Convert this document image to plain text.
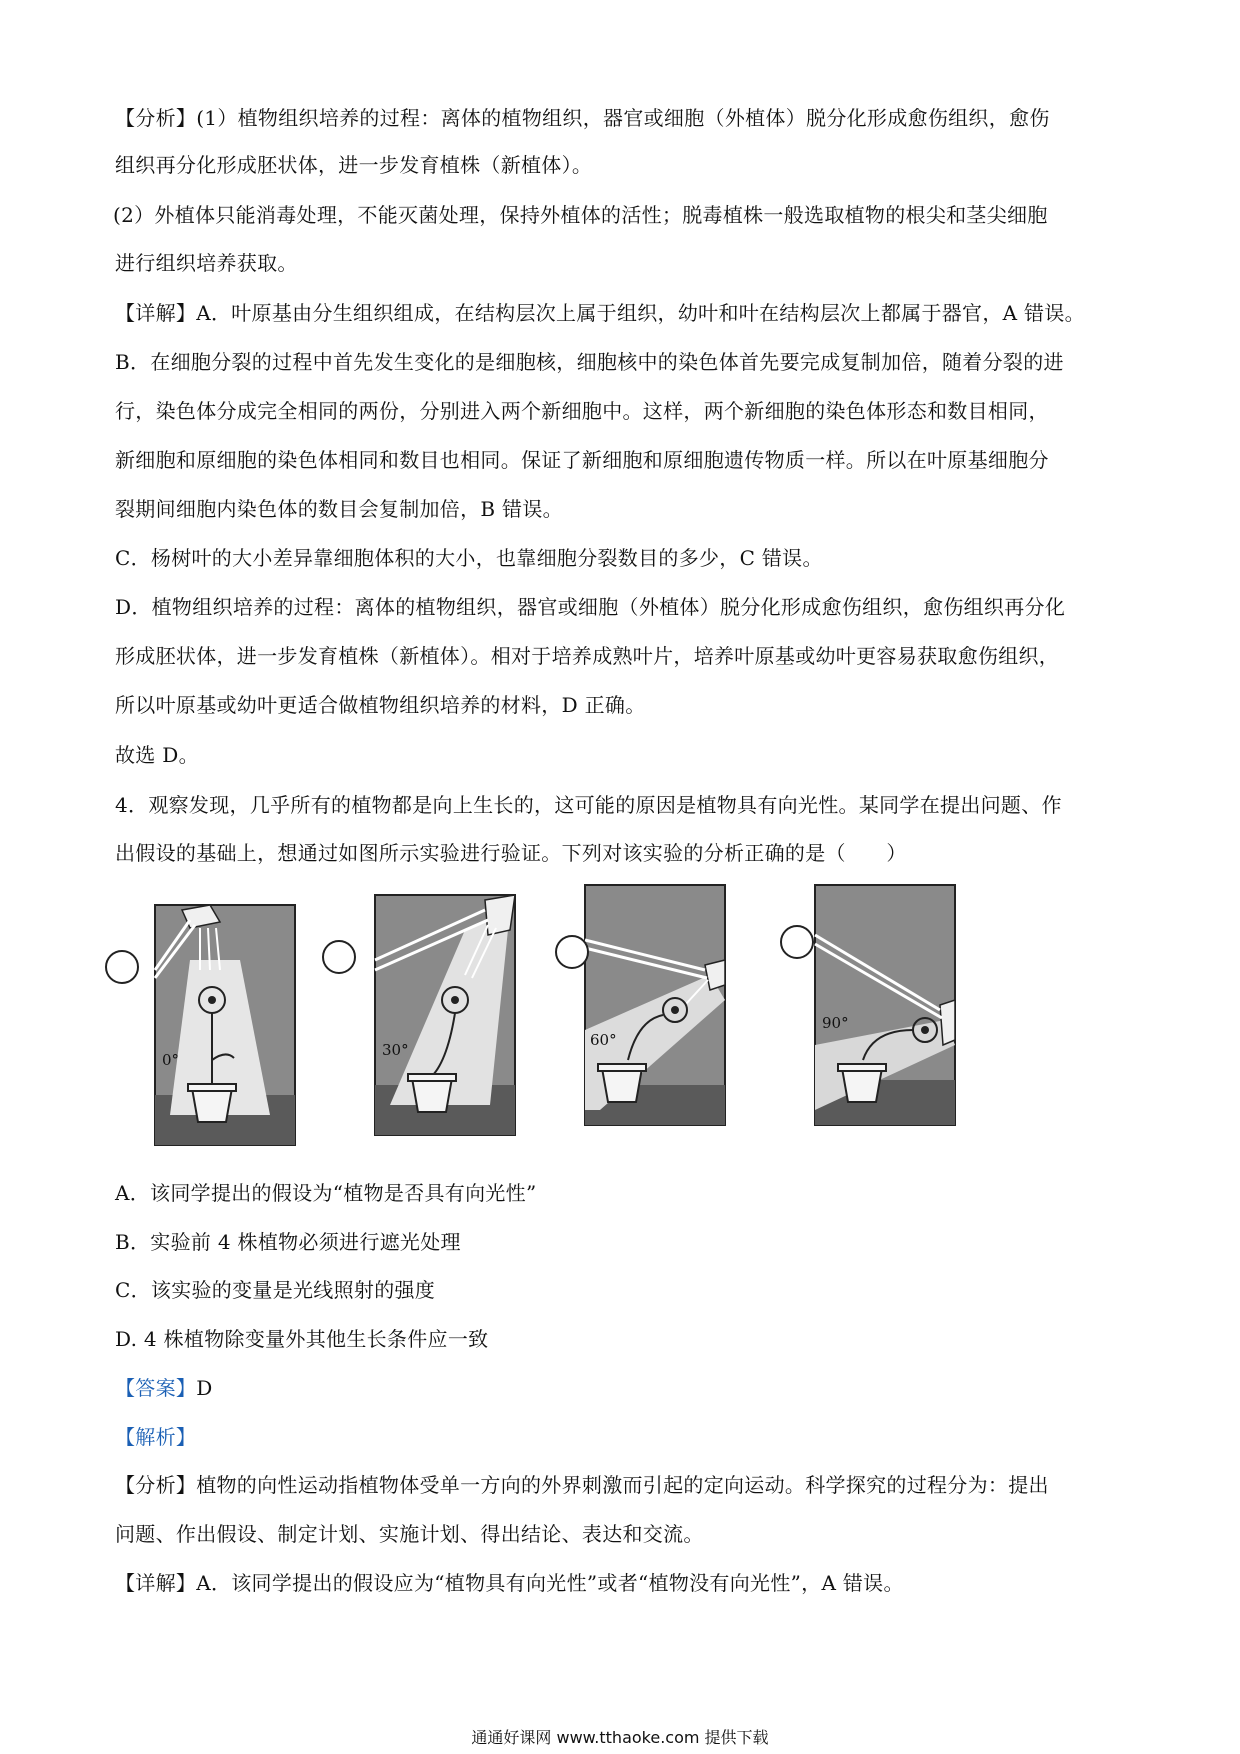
【分析】(1）植物组织培养的过程：离体的植物组织，器官或细胞（外植体）脱分化形成愈伤组织，愈伤
组织再分化形成胚状体，进一步发育植株（新植体）。
(2）外植体只能消毒处理，不能灭菌处理，保持外植体的活性；脱毒植株一般选取植物的根尖和茎尖细胞
进行组织培养获取。
【详解】A．叶原基由分生组织组成，在结构层次上属于组织，幼叶和叶在结构层次上都属于器官，A 错误。
B．在细胞分裂的过程中首先发生变化的是细胞核，细胞核中的染色体首先要完成复制加倍，随着分裂的进
行，染色体分成完全相同的两份，分别进入两个新细胞中。这样，两个新细胞的染色体形态和数目相同，
新细胞和原细胞的染色体相同和数目也相同。保证了新细胞和原细胞遗传物质一样。所以在叶原基细胞分
裂期间细胞内染色体的数目会复制加倍，B 错误。
C．杨树叶的大小差异靠细胞体积的大小，也靠细胞分裂数目的多少，C 错误。
D．植物组织培养的过程：离体的植物组织，器官或细胞（外植体）脱分化形成愈伤组织，愈伤组织再分化
形成胚状体，进一步发育植株（新植体）。相对于培养成熟叶片，培养叶原基或幼叶更容易获取愈伤组织，
所以叶原基或幼叶更适合做植物组织培养的材料，D 正确。
故选 D。
4．观察发现，几乎所有的植物都是向上生长的，这可能的原因是植物具有向光性。某同学在提出问题、作
出假设的基础上，想通过如图所示实验进行验证。下列对该实验的分析正确的是（　　）
0°
30°
60°
90°
A．该同学提出的假设为“植物是否具有向光性”
B．实验前 4 株植物必须进行遮光处理
C．该实验的变量是光线照射的强度
D. 4 株植物除变量外其他生长条件应一致
【答案】D
【解析】
【分析】植物的向性运动指植物体受单一方向的外界刺激而引起的定向运动。科学探究的过程分为：提出
问题、作出假设、制定计划、实施计划、得出结论、表达和交流。
【详解】A．该同学提出的假设应为“植物具有向光性”或者“植物没有向光性”，A 错误。
通通好课网 www.tthaoke.com 提供下载
